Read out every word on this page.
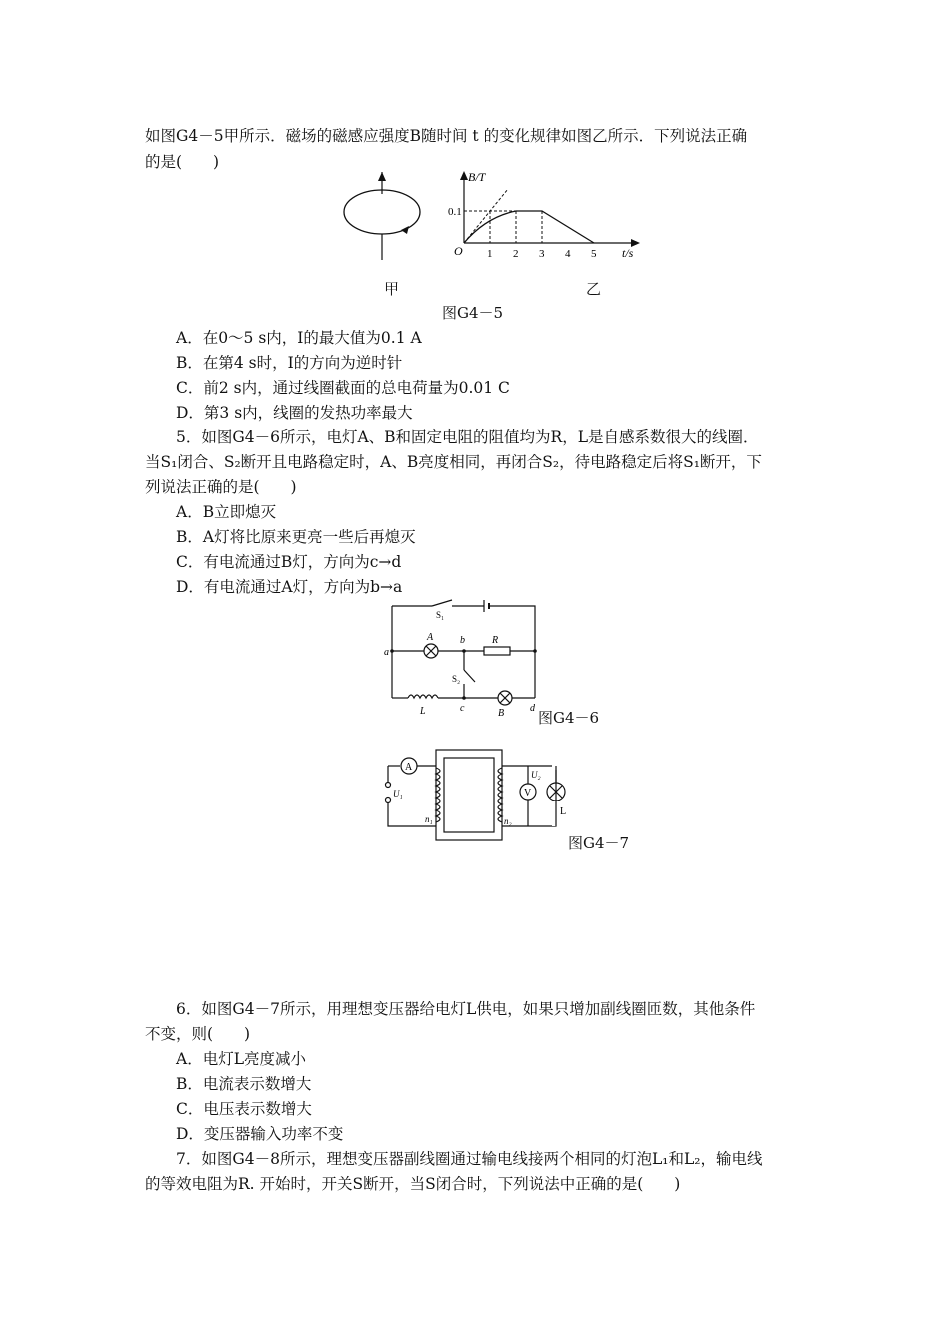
如图G4－5甲所示．磁场的磁感应强度B随时间 t 的变化规律如图乙所示．下列说法正确
的是(　　)
B/T
t/s
O
0.1
1 2 3 4 5
甲	乙
图G4－5
A．在0～5 s内，I的最大值为0.1 A
B．在第4 s时，I的方向为逆时针
C．前2 s内，通过线圈截面的总电荷量为0.01 C
D．第3 s内，线圈的发热功率最大
5．如图G4－6所示，电灯A、B和固定电阻的阻值均为R，L是自感系数很大的线圈．
当S₁闭合、S₂断开且电路稳定时，A、B亮度相同，再闭合S₂，待电路稳定后将S₁断开，下
列说法正确的是(　　)
A．B立即熄灭
B．A灯将比原来更亮一些后再熄灭
C．有电流通过B灯，方向为c→d
D．有电流通过A灯，方向为b→a
a
b
c	d
A
B
R
L
S₁
S₂
图G4－6
A
V
U₁
U₂
n₁	n₂
L
图G4－7
6．如图G4－7所示，用理想变压器给电灯L供电，如果只增加副线圈匝数，其他条件
不变，则(　　)
A．电灯L亮度减小
B．电流表示数增大
C．电压表示数增大
D．变压器输入功率不变
7．如图G4－8所示，理想变压器副线圈通过输电线接两个相同的灯泡L₁和L₂，输电线
的等效电阻为R. 开始时，开关S断开，当S闭合时，下列说法中正确的是(　　)
